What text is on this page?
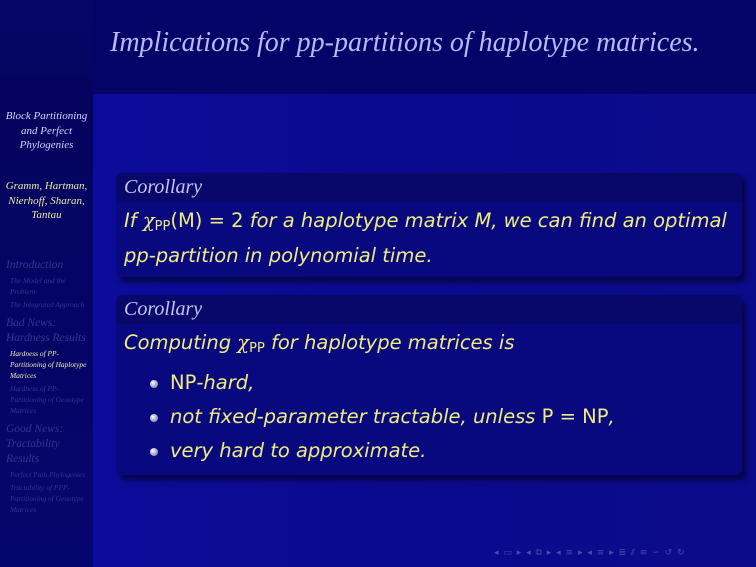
Block Partitioning and Perfect Phylogenies
Gramm, Hartman, Nierhoff, Sharan, Tantau
Introduction
The Model and the Problem
The Integrated Approach
Bad News: Hardness Results
Hardness of PP-Partitioning of Haplotype Matrices
Hardness of PP-Partitioning of Genotype Matrices
Good News: Tractability Results
Perfect Path Phylogenies
Tractability of PPP-Partitioning of Genotype Matrices
Implications for pp-partitions of haplotype matrices.
Corollary

If $\chi_{PP}(M) = 2$ for a haplotype matrix M, we can find an optimal pp-partition in polynomial time.

Corollary

Computing $\chi_{PP}$ for haplotype matrices is

NP-hard,
not fixed-parameter tractable, unless P = NP,
very hard to approximate.
◂ ▭ ▸ ◂ ⧉ ▸ ◂ ≡ ▸ ◂ ≡ ▸ ≣ ⫽ ≡ ∽ ↺ ↻
